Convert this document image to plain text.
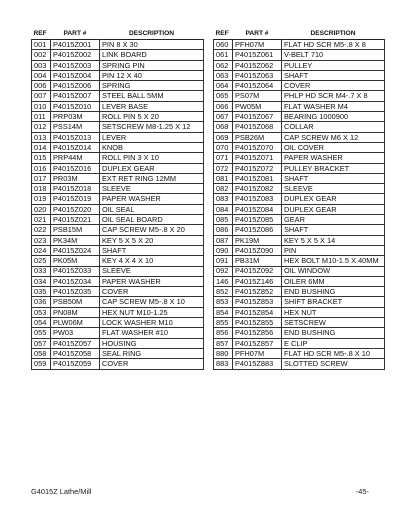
REF	PART #	DESCRIPTION
001	P4015Z001	PIN 8 X 30
002	P4015Z002	LINK BOARD
003	P4015Z003	SPRING PIN
004	P4015Z004	PIN 12 X 40
006	P4015Z006	SPRING
007	P4015Z007	STEEL BALL 5MM
010	P4015Z010	LEVER BASE
011	PRP03M	ROLL PIN 5 X 20
012	PSS14M	SETSCREW M8-1.25 X 12
013	P4015Z013	LEVER
014	P4015Z014	KNOB
015	PRP44M	ROLL PIN 3 X 10
016	P4015Z016	DUPLEX GEAR
017	PR03M	EXT RET RING 12MM
018	P4015Z018	SLEEVE
019	P4015Z019	PAPER WASHER
020	P4015Z020	OIL SEAL
021	P4015Z021	OIL SEAL BOARD
022	PSB15M	CAP SCREW M5-.8 X 20
023	PK34M	KEY 5 X 5 X 20
024	P4015Z024	SHAFT
025	PK05M	KEY 4 X 4 X 10
033	P4015Z033	SLEEVE
034	P4015Z034	PAPER WASHER
035	P4015Z035	COVER
036	PSB50M	CAP SCREW M5-.8 X 10
053	PN08M	HEX NUT M10-1.25
054	PLW06M	LOCK WASHER M10
055	PW03	FLAT WASHER #10
057	P4015Z057	HOUSING
058	P4015Z058	SEAL RING
059	P4015Z059	COVER
REF	PART #	DESCRIPTION
060	PFH07M	FLAT HD SCR M5-.8 X 8
061	P4015Z061	V-BELT 710
062	P4015Z062	PULLEY
063	P4015Z063	SHAFT
064	P4015Z064	COVER
065	PS07M	PHLP HD SCR M4-.7 X 8
066	PW05M	FLAT WASHER M4
067	P4015Z067	BEARING 1000900
068	P4015Z068	COLLAR
069	PSB26M	CAP SCREW M6 X 12
070	P4015Z070	OIL COVER
071	P4015Z071	PAPER WASHER
072	P4015Z072	PULLEY BRACKET
081	P4015Z081	SHAFT
082	P4015Z082	SLEEVE
083	P4015Z083	DUPLEX GEAR
084	P4015Z084	DUPLEX GEAR
085	P4015Z085	GEAR
086	P4015Z086	SHAFT
087	PK19M	KEY 5 X 5 X 14
090	P4015Z090	PIN
091	PB31M	HEX BOLT M10-1.5 X 40MM
092	P4015Z092	OIL WINDOW
146	P4015Z146	OILER 6MM
852	P4015Z852	END BUSHING
853	P4015Z853	SHIFT BRACKET
854	P4015Z854	HEX NUT
855	P4015Z855	SETSCREW
856	P4015Z856	END BUSHING
857	P4015Z857	E CLIP
880	PFH07M	FLAT HD SCR M5-.8 X 10
883	P4015Z883	SLOTTED SCREW
G4015Z Lathe/Mill	-45-
